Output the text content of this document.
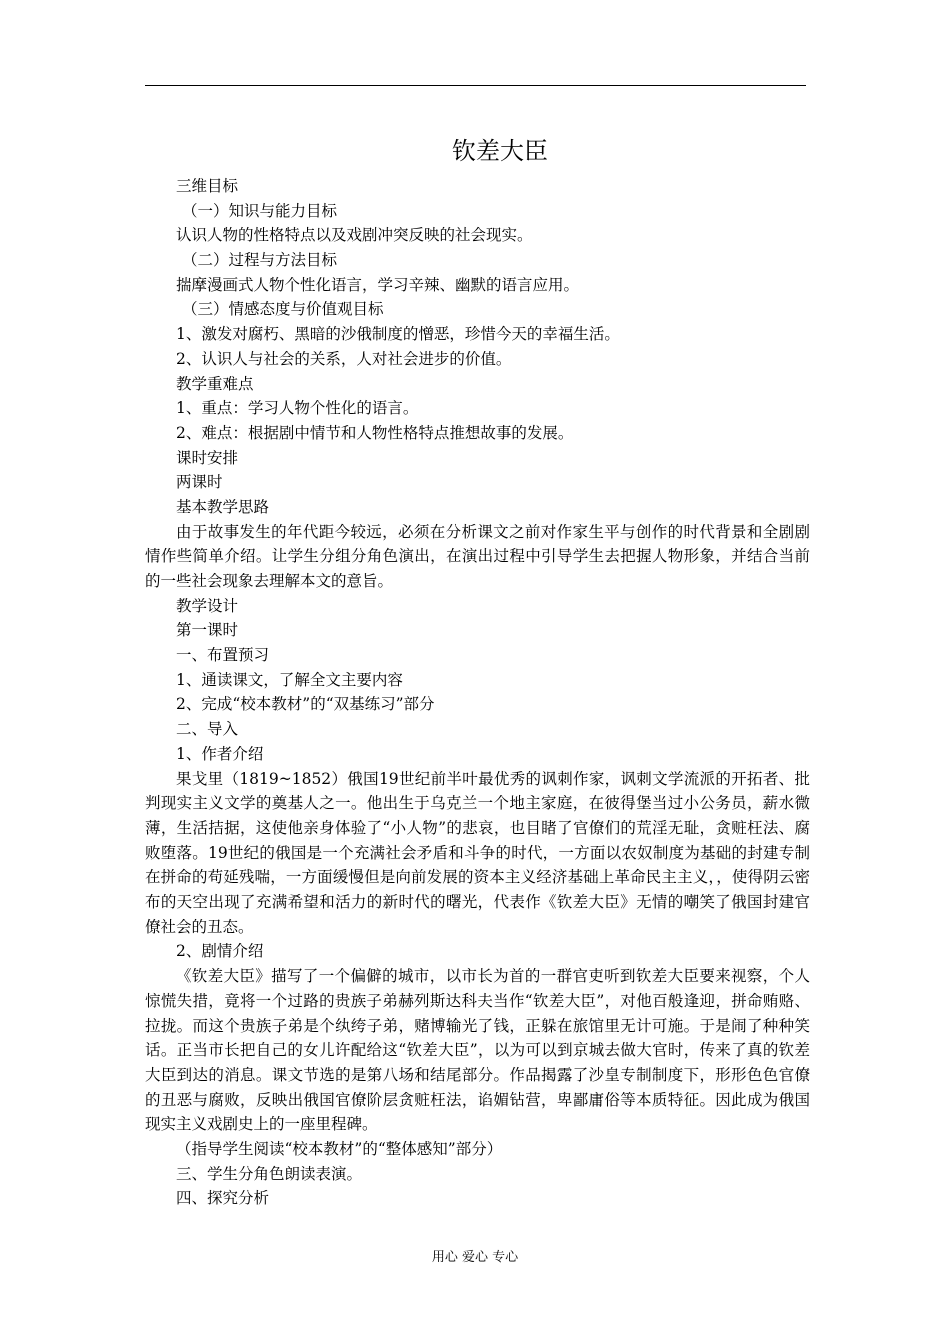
钦差大臣
三维目标
（一）知识与能力目标
认识人物的性格特点以及戏剧冲突反映的社会现实。
（二）过程与方法目标
揣摩漫画式人物个性化语言，学习辛辣、幽默的语言应用。
（三）情感态度与价值观目标
1、激发对腐朽、黑暗的沙俄制度的憎恶，珍惜今天的幸福生活。
2、认识人与社会的关系，人对社会进步的价值。
教学重难点
1、重点：学习人物个性化的语言。
2、难点：根据剧中情节和人物性格特点推想故事的发展。
课时安排
两课时
基本教学思路
由于故事发生的年代距今较远，必须在分析课文之前对作家生平与创作的时代背景和全剧剧情作些简单介绍。让学生分组分角色演出，在演出过程中引导学生去把握人物形象，并结合当前的一些社会现象去理解本文的意旨。
教学设计
第一课时
一、布置预习
1、通读课文，了解全文主要内容
2、完成“校本教材”的“双基练习”部分
二、导入
1、作者介绍
果戈里（1819~1852）俄国19世纪前半叶最优秀的讽刺作家，讽刺文学流派的开拓者、批判现实主义文学的奠基人之一。他出生于乌克兰一个地主家庭，在彼得堡当过小公务员，薪水微薄，生活拮据，这使他亲身体验了“小人物”的悲哀，也目睹了官僚们的荒淫无耻，贪赃枉法、腐败堕落。19世纪的俄国是一个充满社会矛盾和斗争的时代，一方面以农奴制度为基础的封建专制在拼命的苟延残喘，一方面缓慢但是向前发展的资本主义经济基础上革命民主主义，，使得阴云密布的天空出现了充满希望和活力的新时代的曙光，代表作《钦差大臣》无情的嘲笑了俄国封建官僚社会的丑态。
2、剧情介绍
《钦差大臣》描写了一个偏僻的城市，以市长为首的一群官吏听到钦差大臣要来视察，个人惊慌失措，竟将一个过路的贵族子弟赫列斯达科夫当作“钦差大臣”，对他百般逢迎，拼命贿赂、拉拢。而这个贵族子弟是个纨绔子弟，赌博输光了钱，正躲在旅馆里无计可施。于是闹了种种笑话。正当市长把自己的女儿许配给这“钦差大臣”，以为可以到京城去做大官时，传来了真的钦差大臣到达的消息。课文节选的是第八场和结尾部分。作品揭露了沙皇专制制度下，形形色色官僚的丑恶与腐败，反映出俄国官僚阶层贪赃枉法，谄媚钻营，卑鄙庸俗等本质特征。因此成为俄国现实主义戏剧史上的一座里程碑。
（指导学生阅读“校本教材”的“整体感知”部分）
三、学生分角色朗读表演。
四、探究分析
用心 爱心 专心
